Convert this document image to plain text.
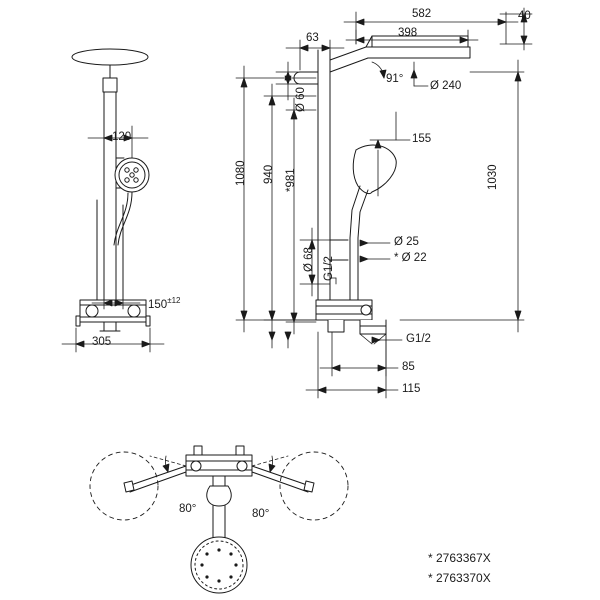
120
$150^{\pm 12}$
305
582
63	398
40
Ø 240
91°
Ø 60
155
1080 940 *981	1030
Ø 68
Ø 25
* Ø 22
G1/2
G1/2
85
115
80°	80°
* 2763367X
* 2763370X
